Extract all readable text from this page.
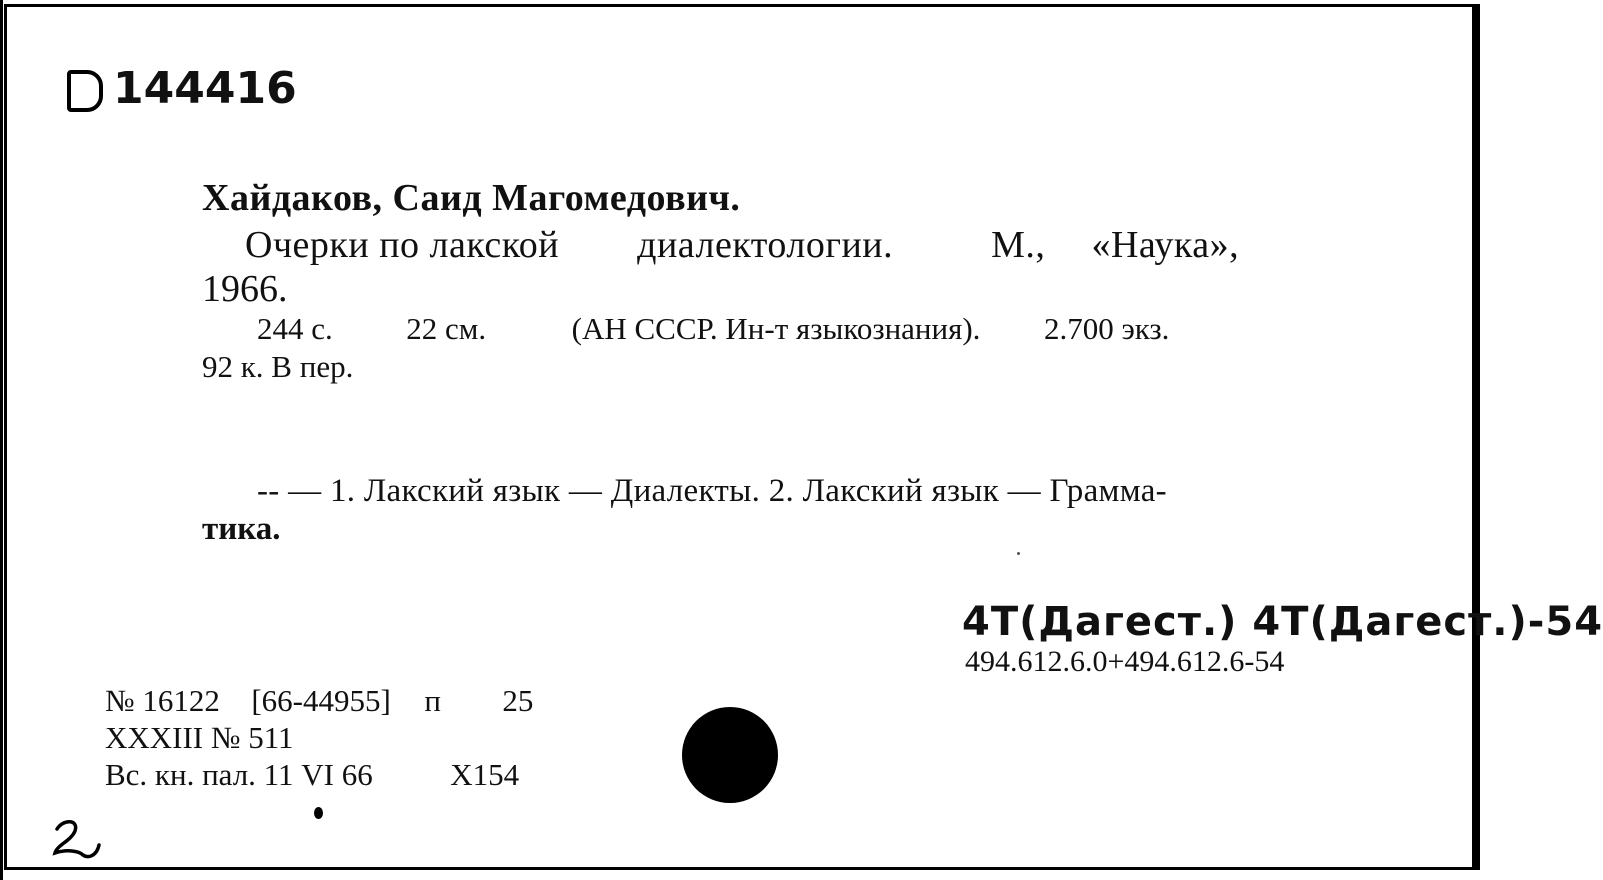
144416
Хайдаков, Саид Магомедович.
Очерки по лакской диалектологии.	М., «Наука»,
1966.
244 с. 22 см.	(АН СССР. Ин-т языкознания). 2.700 экз.
92 к. В пер.
-- — 1. Лакский язык — Диалекты. 2. Лакский язык — Грамма-
тика.
4Т(Дагест.) 4Т(Дагест.)-54
494.612.6.0+494.612.6-54
№ 16122 [66-44955] п 25
XXXIII № 511
Вс. кн. пал. 11 VI 66	X154
